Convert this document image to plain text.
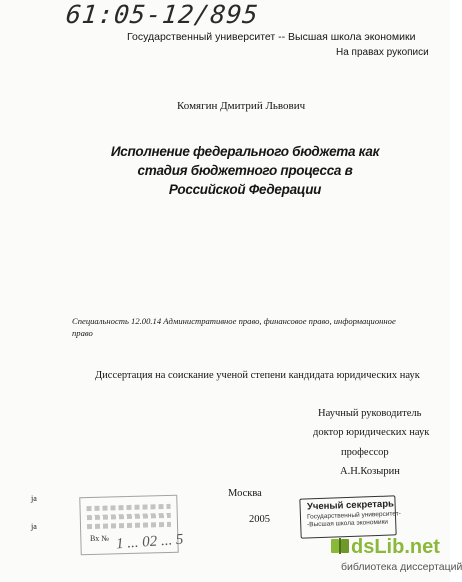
61:05-12/895
Государственный университет -- Высшая школа экономики
На правах рукописи
Комягин Дмитрий Львович
Исполнение федерального бюджета как стадия бюджетного процесса в Российской Федерации
Специальность 12.00.14 Административное право, финансовое право, информационное право
Диссертация на соискание ученой степени кандидата юридических наук
Научный руководитель
доктор юридических наук
профессор
А.Н.Козырин
Москва
2005
ja
ja
Вх № 1 ... 02 ... 5
Ученый секретарь
Государственный университет-
-Высшая школа экономики
dsLib.net
библиотека диссертаций
